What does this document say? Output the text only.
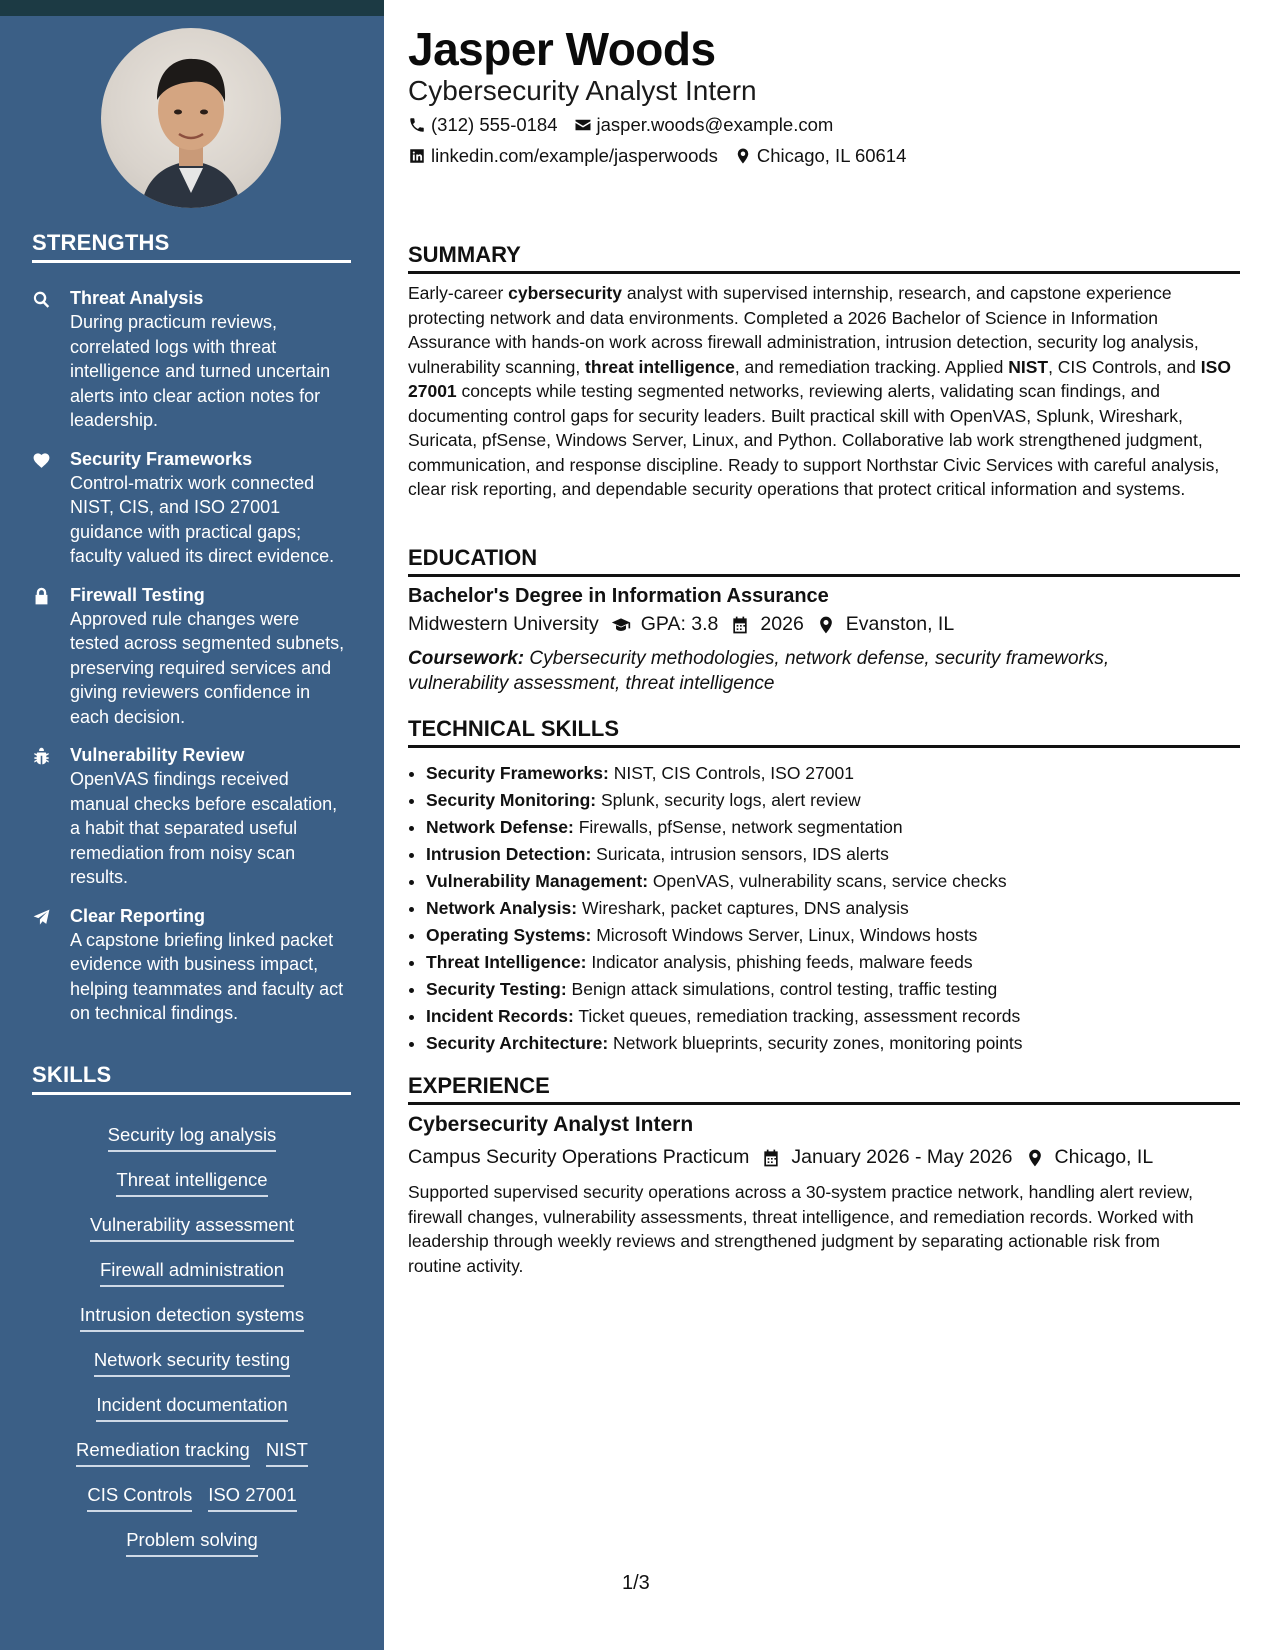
STRENGTHS
Threat Analysis
During practicum reviews, correlated logs with threat intelligence and turned uncertain alerts into clear action notes for leadership.
Security Frameworks
Control-matrix work connected NIST, CIS, and ISO 27001 guidance with practical gaps; faculty valued its direct evidence.
Firewall Testing
Approved rule changes were tested across segmented subnets, preserving required services and giving reviewers confidence in each decision.
Vulnerability Review
OpenVAS findings received manual checks before escalation, a habit that separated useful remediation from noisy scan results.
Clear Reporting
A capstone briefing linked packet evidence with business impact, helping teammates and faculty act on technical findings.
SKILLS
Security log analysis
Threat intelligence
Vulnerability assessment
Firewall administration
Intrusion detection systems
Network security testing
Incident documentation
Remediation tracking NIST
CIS Controls ISO 27001
Problem solving
Jasper Woods
Cybersecurity Analyst Intern
(312) 555-0184 jasper.woods@example.com
linkedin.com/example/jasperwoods Chicago, IL 60614
SUMMARY
Early-career cybersecurity analyst with supervised internship, research, and capstone experience protecting network and data environments. Completed a 2026 Bachelor of Science in Information Assurance with hands-on work across firewall administration, intrusion detection, security log analysis, vulnerability scanning, threat intelligence, and remediation tracking. Applied NIST, CIS Controls, and ISO 27001 concepts while testing segmented networks, reviewing alerts, validating scan findings, and documenting control gaps for security leaders. Built practical skill with OpenVAS, Splunk, Wireshark, Suricata, pfSense, Windows Server, Linux, and Python. Collaborative lab work strengthened judgment, communication, and response discipline. Ready to support Northstar Civic Services with careful analysis, clear risk reporting, and dependable security operations that protect critical information and systems.
EDUCATION
Bachelor's Degree in Information Assurance
Midwestern University GPA: 3.8 2026 Evanston, IL
Coursework: Cybersecurity methodologies, network defense, security frameworks, vulnerability assessment, threat intelligence
TECHNICAL SKILLS
• Security Frameworks: NIST, CIS Controls, ISO 27001
• Security Monitoring: Splunk, security logs, alert review
• Network Defense: Firewalls, pfSense, network segmentation
• Intrusion Detection: Suricata, intrusion sensors, IDS alerts
• Vulnerability Management: OpenVAS, vulnerability scans, service checks
• Network Analysis: Wireshark, packet captures, DNS analysis
• Operating Systems: Microsoft Windows Server, Linux, Windows hosts
• Threat Intelligence: Indicator analysis, phishing feeds, malware feeds
• Security Testing: Benign attack simulations, control testing, traffic testing
• Incident Records: Ticket queues, remediation tracking, assessment records
• Security Architecture: Network blueprints, security zones, monitoring points
EXPERIENCE
Cybersecurity Analyst Intern
Campus Security Operations Practicum January 2026 - May 2026 Chicago, IL
Supported supervised security operations across a 30-system practice network, handling alert review, firewall changes, vulnerability assessments, threat intelligence, and remediation records. Worked with leadership through weekly reviews and strengthened judgment by separating actionable risk from routine activity.
1/3
